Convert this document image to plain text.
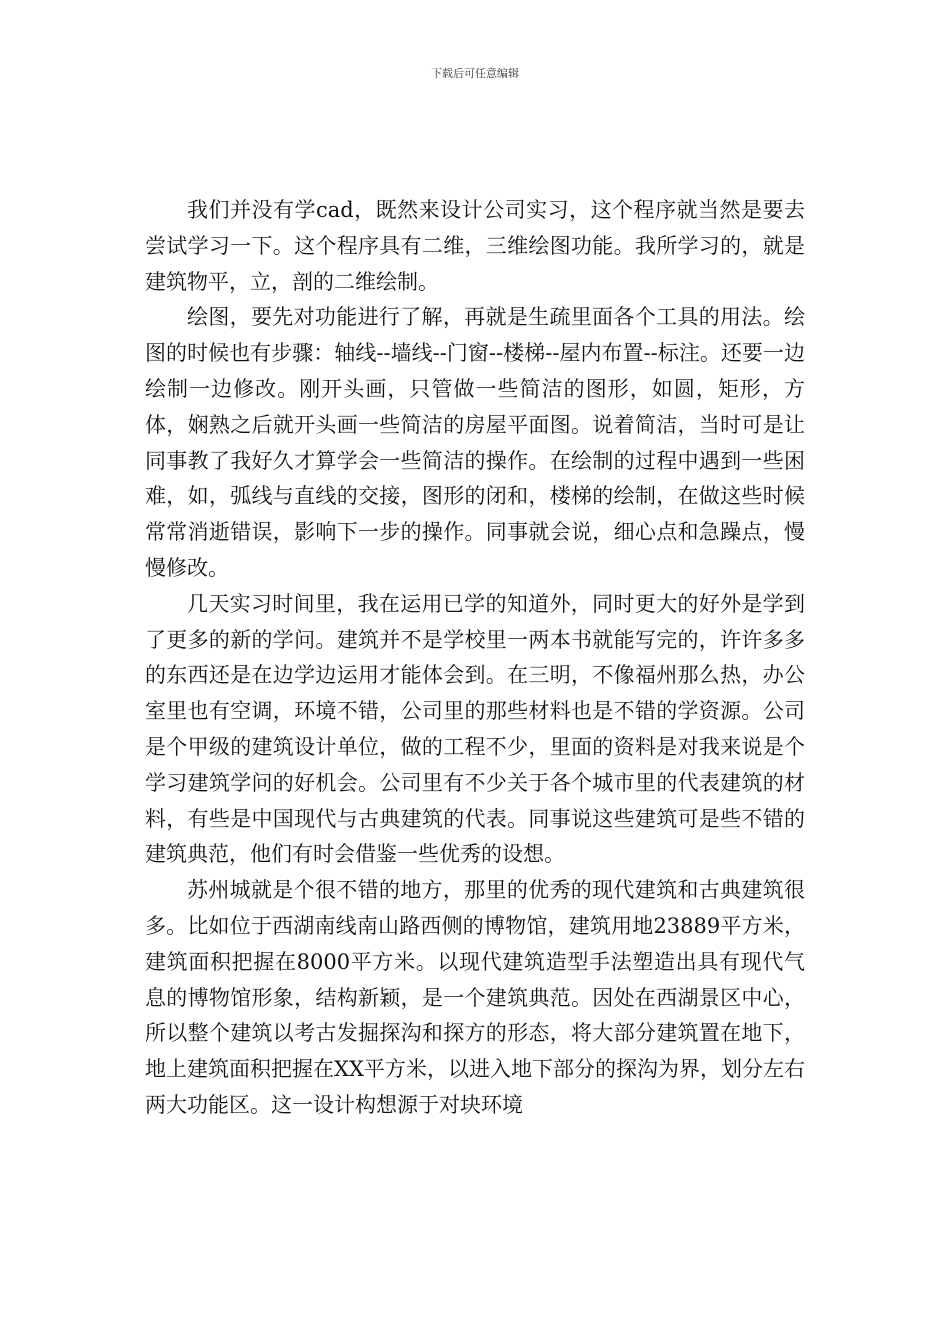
下载后可任意编辑

我们并没有学cad，既然来设计公司实习，这个程序就当然是要去尝试学习一下。这个程序具有二维，三维绘图功能。我所学习的，就是建筑物平，立，剖的二维绘制。

绘图，要先对功能进行了解，再就是生疏里面各个工具的用法。绘图的时候也有步骤：轴线--墙线--门窗--楼梯--屋内布置--标注。还要一边绘制一边修改。刚开头画，只管做一些简洁的图形，如圆，矩形，方体，娴熟之后就开头画一些简洁的房屋平面图。说着简洁，当时可是让同事教了我好久才算学会一些简洁的操作。在绘制的过程中遇到一些困难，如，弧线与直线的交接，图形的闭和，楼梯的绘制，在做这些时候常常消逝错误，影响下一步的操作。同事就会说，细心点和急躁点，慢慢修改。

几天实习时间里，我在运用已学的知道外，同时更大的好外是学到了更多的新的学问。建筑并不是学校里一两本书就能写完的，许许多多的东西还是在边学边运用才能体会到。在三明，不像福州那么热，办公室里也有空调，环境不错，公司里的那些材料也是不错的学资源。公司是个甲级的建筑设计单位，做的工程不少，里面的资料是对我来说是个学习建筑学问的好机会。公司里有不少关于各个城市里的代表建筑的材料，有些是中国现代与古典建筑的代表。同事说这些建筑可是些不错的建筑典范，他们有时会借鉴一些优秀的设想。

苏州城就是个很不错的地方，那里的优秀的现代建筑和古典建筑很多。比如位于西湖南线南山路西侧的博物馆，建筑用地23889平方米，建筑面积把握在8000平方米。以现代建筑造型手法塑造出具有现代气息的博物馆形象，结构新颖，是一个建筑典范。因处在西湖景区中心，所以整个建筑以考古发掘探沟和探方的形态，将大部分建筑置在地下，地上建筑面积把握在XX平方米，以进入地下部分的探沟为界，划分左右两大功能区。这一设计构想源于对块环境
